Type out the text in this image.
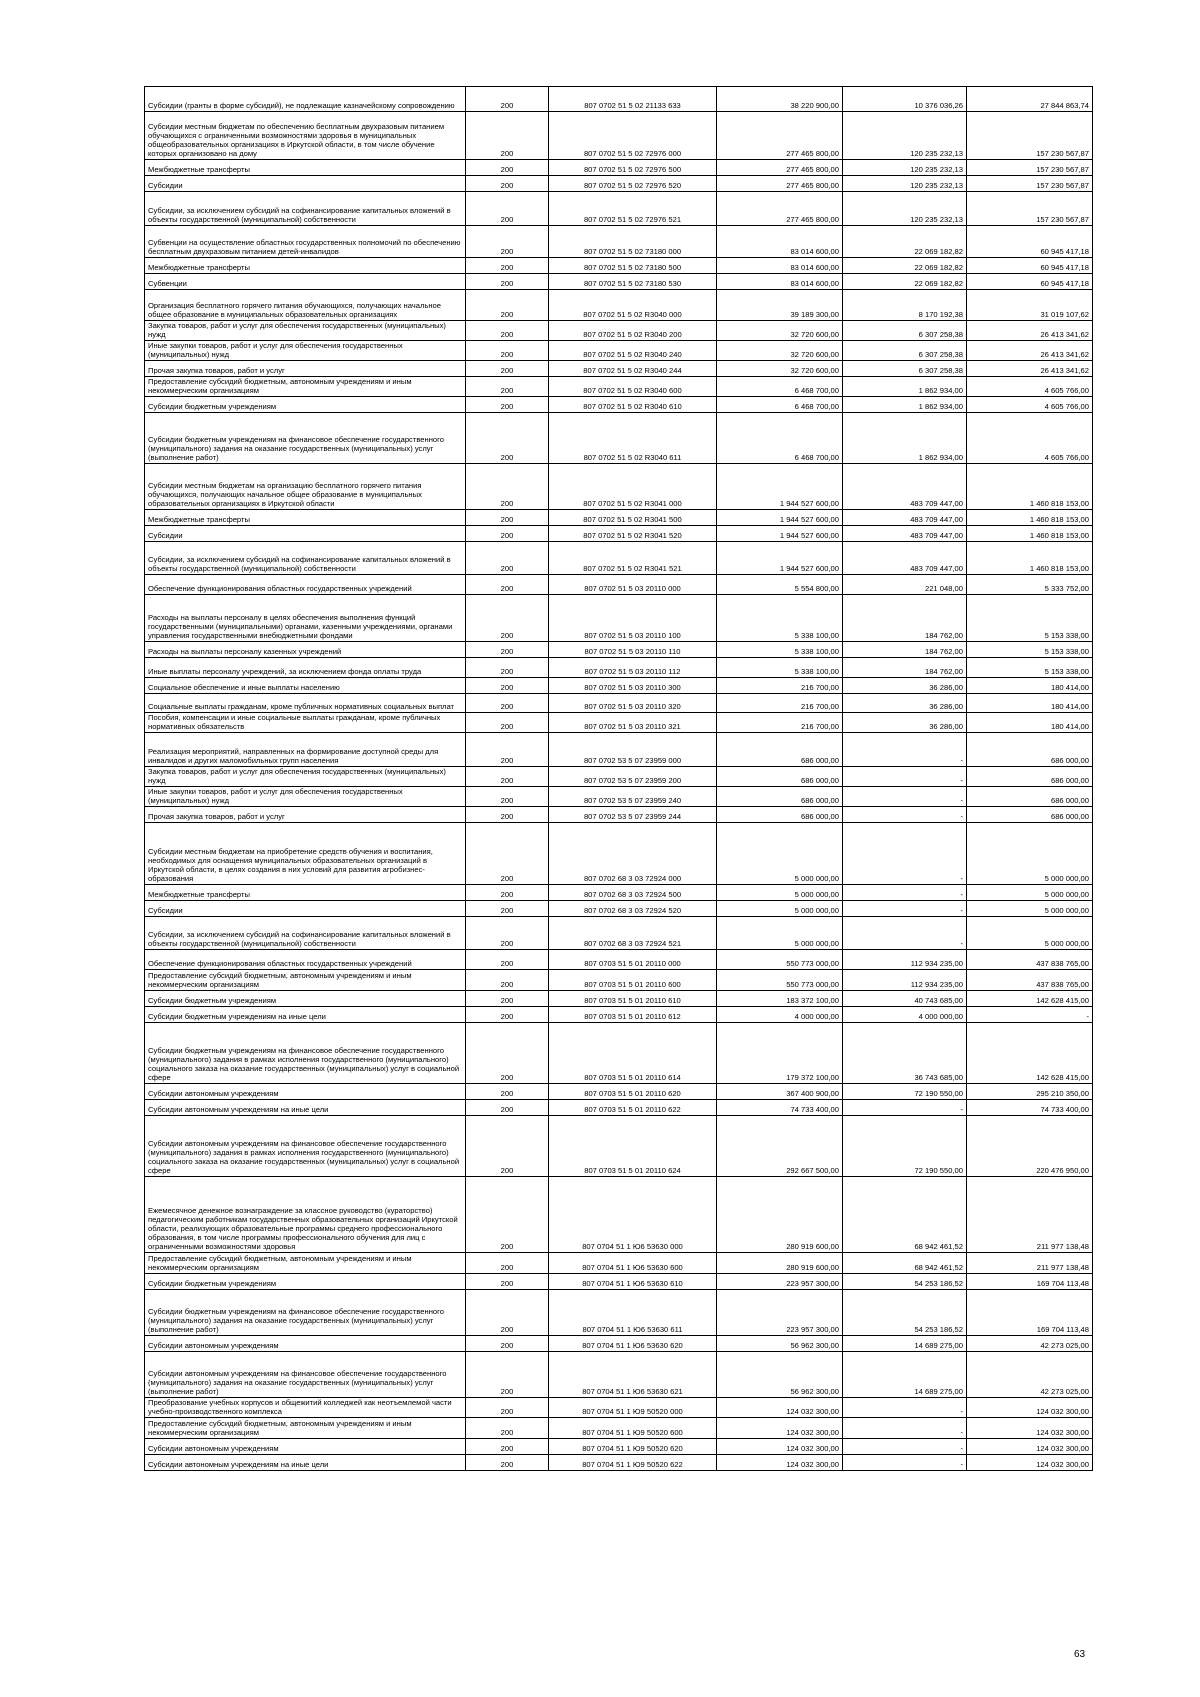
Субсидии (гранты в форме субсидий), не подлежащие казначейскому сопровождению	200	807 0702 51 5 02 21133 633	38 220 900,00	10 376 036,26	27 844 863,74
Субсидии местным бюджетам по обеспечению бесплатным двухразовым питанием обучающихся с ограниченными возможностями здоровья в муниципальных общеобразовательных организациях в Иркутской области, в том числе обучение которых организовано на дому	200	807 0702 51 5 02 72976 000	277 465 800,00	120 235 232,13	157 230 567,87
Межбюджетные трансферты	200	807 0702 51 5 02 72976 500	277 465 800,00	120 235 232,13	157 230 567,87
Субсидии	200	807 0702 51 5 02 72976 520	277 465 800,00	120 235 232,13	157 230 567,87
Субсидии, за исключением субсидий на софинансирование капитальных вложений в объекты государственной (муниципальной) собственности	200	807 0702 51 5 02 72976 521	277 465 800,00	120 235 232,13	157 230 567,87
Субвенции на осуществление областных государственных полномочий по обеспечению бесплатным двухразовым питанием детей-инвалидов	200	807 0702 51 5 02 73180 000	83 014 600,00	22 069 182,82	60 945 417,18
Межбюджетные трансферты	200	807 0702 51 5 02 73180 500	83 014 600,00	22 069 182,82	60 945 417,18
Субвенции	200	807 0702 51 5 02 73180 530	83 014 600,00	22 069 182,82	60 945 417,18
Организация бесплатного горячего питания обучающихся, получающих начальное общее образование в муниципальных образовательных организациях	200	807 0702 51 5 02 R3040 000	39 189 300,00	8 170 192,38	31 019 107,62
Закупка товаров, работ и услуг для обеспечения государственных (муниципальных) нужд	200	807 0702 51 5 02 R3040 200	32 720 600,00	6 307 258,38	26 413 341,62
Иные закупки товаров, работ и услуг для обеспечения государственных (муниципальных) нужд	200	807 0702 51 5 02 R3040 240	32 720 600,00	6 307 258,38	26 413 341,62
Прочая закупка товаров, работ и услуг	200	807 0702 51 5 02 R3040 244	32 720 600,00	6 307 258,38	26 413 341,62
Предоставление субсидий бюджетным, автономным учреждениям и иным некоммерческим организациям	200	807 0702 51 5 02 R3040 600	6 468 700,00	1 862 934,00	4 605 766,00
Субсидии бюджетным учреждениям	200	807 0702 51 5 02 R3040 610	6 468 700,00	1 862 934,00	4 605 766,00
Субсидии бюджетным учреждениям на финансовое обеспечение государственного (муниципального) задания на оказание государственных (муниципальных) услуг (выполнение работ)	200	807 0702 51 5 02 R3040 611	6 468 700,00	1 862 934,00	4 605 766,00
Субсидии местным бюджетам на организацию бесплатного горячего питания обучающихся, получающих начальное общее образование в муниципальных образовательных организациях в Иркутской области	200	807 0702 51 5 02 R3041 000	1 944 527 600,00	483 709 447,00	1 460 818 153,00
Межбюджетные трансферты	200	807 0702 51 5 02 R3041 500	1 944 527 600,00	483 709 447,00	1 460 818 153,00
Субсидии	200	807 0702 51 5 02 R3041 520	1 944 527 600,00	483 709 447,00	1 460 818 153,00
Субсидии, за исключением субсидий на софинансирование капитальных вложений в объекты государственной (муниципальной) собственности	200	807 0702 51 5 02 R3041 521	1 944 527 600,00	483 709 447,00	1 460 818 153,00
Обеспечение функционирования областных государственных учреждений	200	807 0702 51 5 03 20110 000	5 554 800,00	221 048,00	5 333 752,00
Расходы на выплаты персоналу в целях обеспечения выполнения функций государственными (муниципальными) органами, казенными учреждениями, органами управления государственными внебюджетными фондами	200	807 0702 51 5 03 20110 100	5 338 100,00	184 762,00	5 153 338,00
Расходы на выплаты персоналу казенных учреждений	200	807 0702 51 5 03 20110 110	5 338 100,00	184 762,00	5 153 338,00
Иные выплаты персоналу учреждений, за исключением фонда оплаты труда	200	807 0702 51 5 03 20110 112	5 338 100,00	184 762,00	5 153 338,00
Социальное обеспечение и иные выплаты населению	200	807 0702 51 5 03 20110 300	216 700,00	36 286,00	180 414,00
Социальные выплаты гражданам, кроме публичных нормативных социальных выплат	200	807 0702 51 5 03 20110 320	216 700,00	36 286,00	180 414,00
Пособия, компенсации и иные социальные выплаты гражданам, кроме публичных нормативных обязательств	200	807 0702 51 5 03 20110 321	216 700,00	36 286,00	180 414,00
Реализация мероприятий, направленных на формирование доступной среды для инвалидов и других маломобильных групп населения	200	807 0702 53 5 07 23959 000	686 000,00	-	686 000,00
Закупка товаров, работ и услуг для обеспечения государственных (муниципальных) нужд	200	807 0702 53 5 07 23959 200	686 000,00	-	686 000,00
Иные закупки товаров, работ и услуг для обеспечения государственных (муниципальных) нужд	200	807 0702 53 5 07 23959 240	686 000,00	-	686 000,00
Прочая закупка товаров, работ и услуг	200	807 0702 53 5 07 23959 244	686 000,00	-	686 000,00
Субсидии местным бюджетам на приобретение средств обучения и воспитания, необходимых для оснащения муниципальных образовательных организаций в Иркутской области, в целях создания в них условий для развития агробизнес-образования	200	807 0702 68 3 03 72924 000	5 000 000,00	-	5 000 000,00
Межбюджетные трансферты	200	807 0702 68 3 03 72924 500	5 000 000,00	-	5 000 000,00
Субсидии	200	807 0702 68 3 03 72924 520	5 000 000,00	-	5 000 000,00
Субсидии, за исключением субсидий на софинансирование капитальных вложений в объекты государственной (муниципальной) собственности	200	807 0702 68 3 03 72924 521	5 000 000,00	-	5 000 000,00
Обеспечение функционирования областных государственных учреждений	200	807 0703 51 5 01 20110 000	550 773 000,00	112 934 235,00	437 838 765,00
Предоставление субсидий бюджетным, автономным учреждениям и иным некоммерческим организациям	200	807 0703 51 5 01 20110 600	550 773 000,00	112 934 235,00	437 838 765,00
Субсидии бюджетным учреждениям	200	807 0703 51 5 01 20110 610	183 372 100,00	40 743 685,00	142 628 415,00
Субсидии бюджетным учреждениям на иные цели	200	807 0703 51 5 01 20110 612	4 000 000,00	4 000 000,00	-
Субсидии бюджетным учреждениям на финансовое обеспечение государственного (муниципального) задания в рамках исполнения государственного (муниципального) социального заказа на оказание государственных (муниципальных) услуг в социальной сфере	200	807 0703 51 5 01 20110 614	179 372 100,00	36 743 685,00	142 628 415,00
Субсидии автономным учреждениям	200	807 0703 51 5 01 20110 620	367 400 900,00	72 190 550,00	295 210 350,00
Субсидии автономным учреждениям на иные цели	200	807 0703 51 5 01 20110 622	74 733 400,00	-	74 733 400,00
Субсидии автономным учреждениям на финансовое обеспечение государственного (муниципального) задания в рамках исполнения государственного (муниципального) социального заказа на оказание государственных (муниципальных) услуг в социальной сфере	200	807 0703 51 5 01 20110 624	292 667 500,00	72 190 550,00	220 476 950,00
Ежемесячное денежное вознаграждение за классное руководство (кураторство) педагогическим работникам государственных образовательных организаций Иркутской области, реализующих образовательные программы среднего профессионального образования, в том числе программы профессионального обучения для лиц с ограниченными возможностями здоровья	200	807 0704 51 1 Ю6 53630 000	280 919 600,00	68 942 461,52	211 977 138,48
Предоставление субсидий бюджетным, автономным учреждениям и иным некоммерческим организациям	200	807 0704 51 1 Ю6 53630 600	280 919 600,00	68 942 461,52	211 977 138,48
Субсидии бюджетным учреждениям	200	807 0704 51 1 Ю6 53630 610	223 957 300,00	54 253 186,52	169 704 113,48
Субсидии бюджетным учреждениям на финансовое обеспечение государственного (муниципального) задания на оказание государственных (муниципальных) услуг (выполнение работ)	200	807 0704 51 1 Ю6 53630 611	223 957 300,00	54 253 186,52	169 704 113,48
Субсидии автономным учреждениям	200	807 0704 51 1 Ю6 53630 620	56 962 300,00	14 689 275,00	42 273 025,00
Субсидии автономным учреждениям на финансовое обеспечение государственного (муниципального) задания на оказание государственных (муниципальных) услуг (выполнение работ)	200	807 0704 51 1 Ю6 53630 621	56 962 300,00	14 689 275,00	42 273 025,00
Преобразование учебных корпусов и общежитий колледжей как неотъемлемой части учебно-производственного комплекса	200	807 0704 51 1 Ю9 50520 000	124 032 300,00	-	124 032 300,00
Предоставление субсидий бюджетным, автономным учреждениям и иным некоммерческим организациям	200	807 0704 51 1 Ю9 50520 600	124 032 300,00	-	124 032 300,00
Субсидии автономным учреждениям	200	807 0704 51 1 Ю9 50520 620	124 032 300,00	-	124 032 300,00
Субсидии автономным учреждениям на иные цели	200	807 0704 51 1 Ю9 50520 622	124 032 300,00	-	124 032 300,00
63
